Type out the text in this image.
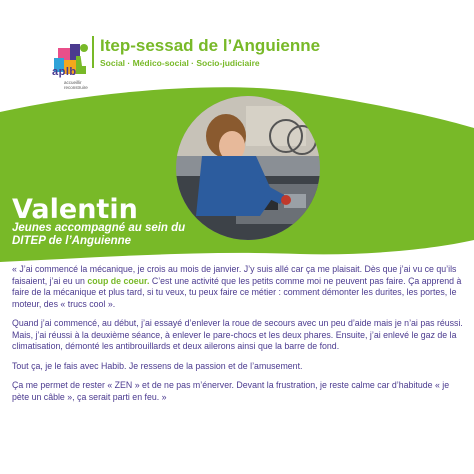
aplb
accueillir reconstruire
Itep-sessad de l’Anguienne
Social · Médico-social · Socio-judiciaire
Valentin
Jeunes accompagné au sein du DITEP de l’Anguienne

« J’ai commencé la mécanique, je crois au mois de janvier. J’y suis allé car ça me plaisait. Dès que j’ai vu ce qu’ils faisaient, j’ai eu un coup de coeur. C’est une activité que les petits comme moi ne peuvent pas faire. Ça apprend à faire de la mécanique et plus tard, si tu veux, tu peux faire ce métier : comment démonter les durites, les portes, le moteur, des « trucs cool ».

Quand j’ai commencé, au début, j’ai essayé d’enlever la roue de secours avec un peu d’aide mais je n’ai pas réussi. Mais, j’ai réussi à la deuxième séance, à enlever le pare-chocs et les deux phares. Ensuite, j’ai enlevé le gaz de la climatisation, démonté les antibrouillards et deux ailerons ainsi que la barre de fond.

Tout ça, je le fais avec Habib. Je ressens de la passion et de l’amusement.

Ça me permet de rester « ZEN » et de ne pas m’énerver. Devant la frustration, je reste calme car d’habitude « je pète un câble », ça serait parti en feu. »
